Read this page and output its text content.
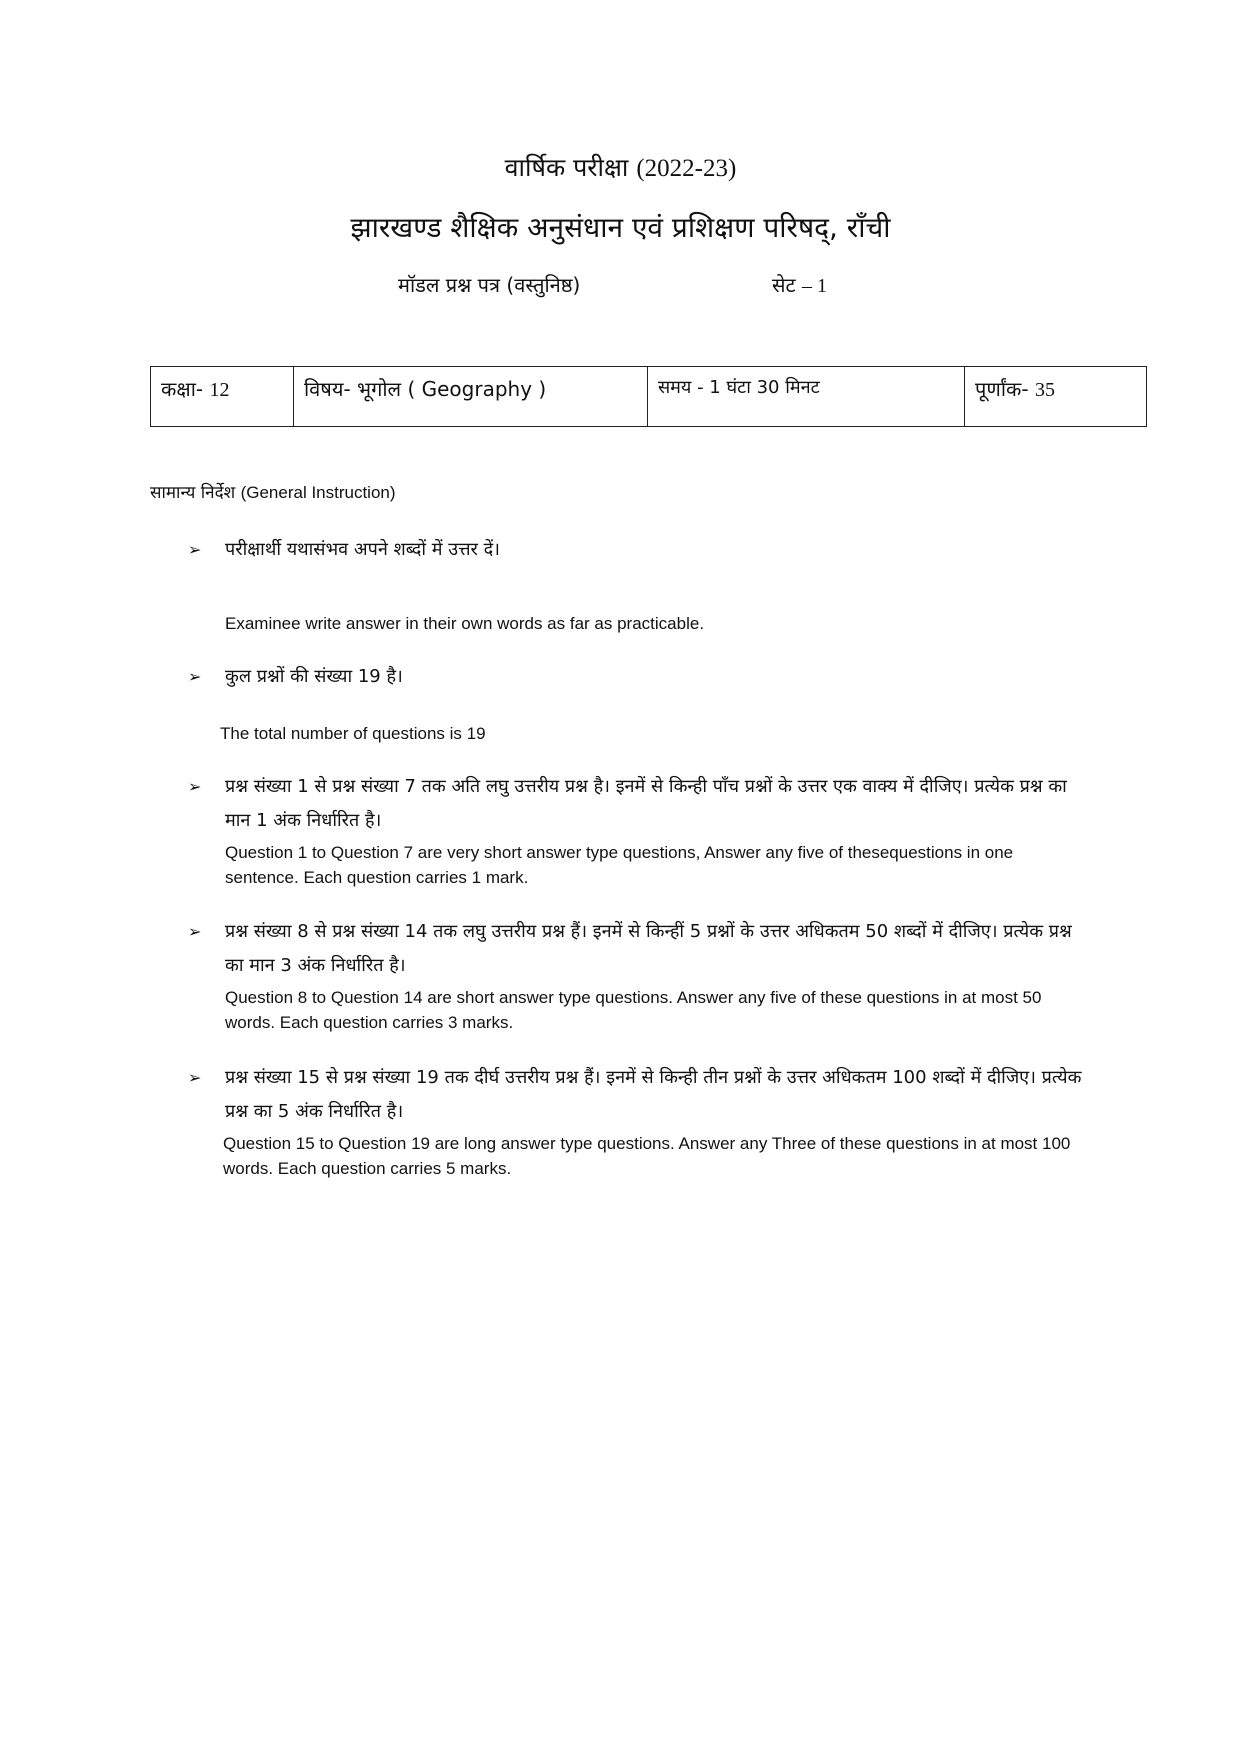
वार्षिक परीक्षा (2022-23)
झारखण्ड शैक्षिक अनुसंधान एवं प्रशिक्षण परिषद्, राँची
मॉडल प्रश्न पत्र (वस्तुनिष्ठ)	सेट – 1
कक्षा- 12	विषय- भूगोल ( Geography )	समय - 1 घंटा 30 मिनट	पूर्णांक- 35
सामान्य निर्देश (General Instruction)
➢ परीक्षार्थी यथासंभव अपने शब्दों में उत्तर दें।
Examinee write answer in their own words as far as practicable.
➢ कुल प्रश्नों की संख्या 19 है।
The total number of questions is 19
➢ प्रश्न संख्या 1 से प्रश्न संख्या 7 तक अति लघु उत्तरीय प्रश्न है। इनमें से किन्ही पाँच प्रश्नों के उत्तर एक वाक्य में दीजिए। प्रत्येक प्रश्न का मान 1 अंक निर्धारित है।
Question 1 to Question 7 are very short answer type questions, Answer any five of thesequestions in one sentence. Each question carries 1 mark.
➢ प्रश्न संख्या 8 से प्रश्न संख्या 14 तक लघु उत्तरीय प्रश्न हैं। इनमें से किन्हीं 5 प्रश्नों के उत्तर अधिकतम 50 शब्दों में दीजिए। प्रत्येक प्रश्न का मान 3 अंक निर्धारित है।
Question 8 to Question 14 are short answer type questions. Answer any five of these questions in at most 50 words. Each question carries 3 marks.
➢ प्रश्न संख्या 15 से प्रश्न संख्या 19 तक दीर्घ उत्तरीय प्रश्न हैं। इनमें से किन्ही तीन प्रश्नों के उत्तर अधिकतम 100 शब्दों में दीजिए। प्रत्येक प्रश्न का 5 अंक निर्धारित है।
Question 15 to Question 19 are long answer type questions. Answer any Three of these questions in at most 100 words. Each question carries 5 marks.
